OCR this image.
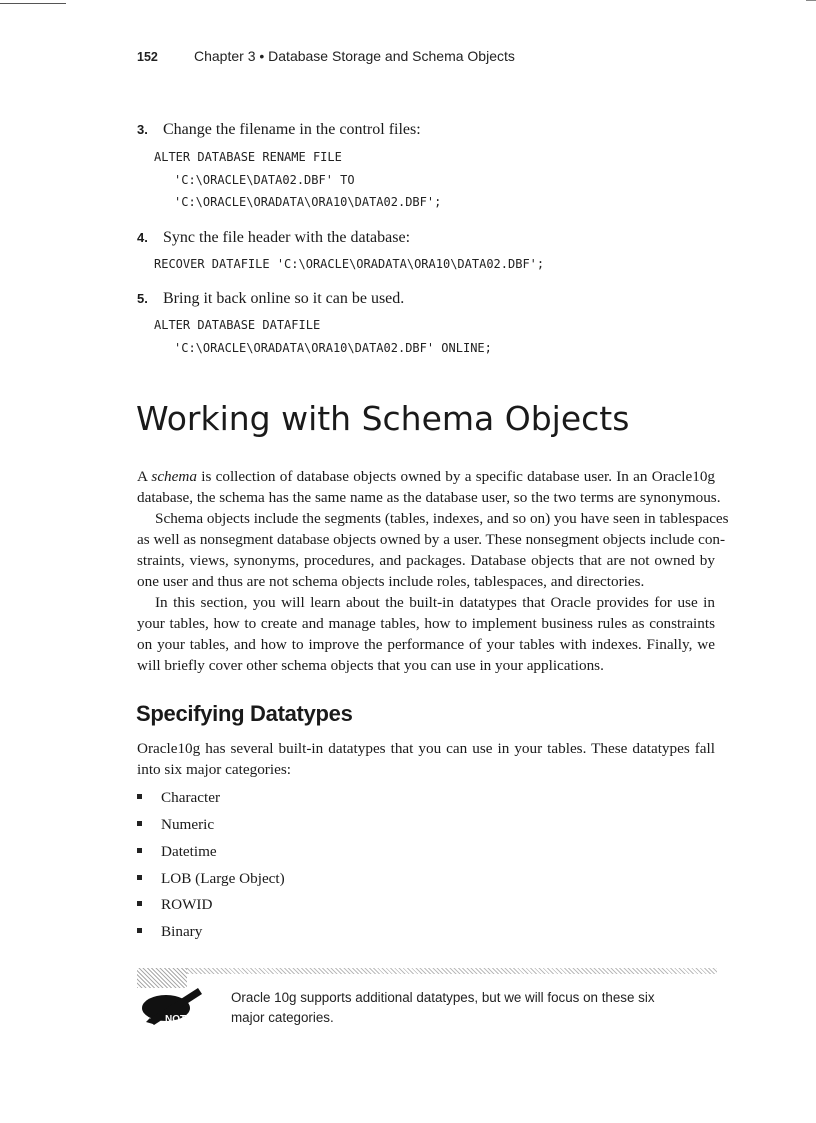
152	Chapter 3 • Database Storage and Schema Objects
3. Change the filename in the control files:
ALTER DATABASE RENAME FILE
'C:\ORACLE\DATA02.DBF' TO
'C:\ORACLE\ORADATA\ORA10\DATA02.DBF';
4. Sync the file header with the database:
RECOVER DATAFILE 'C:\ORACLE\ORADATA\ORA10\DATA02.DBF';
5. Bring it back online so it can be used.
ALTER DATABASE DATAFILE
'C:\ORACLE\ORADATA\ORA10\DATA02.DBF' ONLINE;
Working with Schema Objects
A schema is collection of database objects owned by a specific database user. In an Oracle10g
database, the schema has the same name as the database user, so the two terms are synonymous.
Schema objects include the segments (tables, indexes, and so on) you have seen in tablespaces
as well as nonsegment database objects owned by a user. These nonsegment objects include con-
straints, views, synonyms, procedures, and packages. Database objects that are not owned by
one user and thus are not schema objects include roles, tablespaces, and directories.
In this section, you will learn about the built-in datatypes that Oracle provides for use in
your tables, how to create and manage tables, how to implement business rules as constraints
on your tables, and how to improve the performance of your tables with indexes. Finally, we
will briefly cover other schema objects that you can use in your applications.
Specifying Datatypes
Oracle10g has several built-in datatypes that you can use in your tables. These datatypes fall
into six major categories:
Character
Numeric
Datetime
LOB (Large Object)
ROWID
Binary
NOTE
Oracle 10g supports additional datatypes, but we will focus on these six
major categories.
